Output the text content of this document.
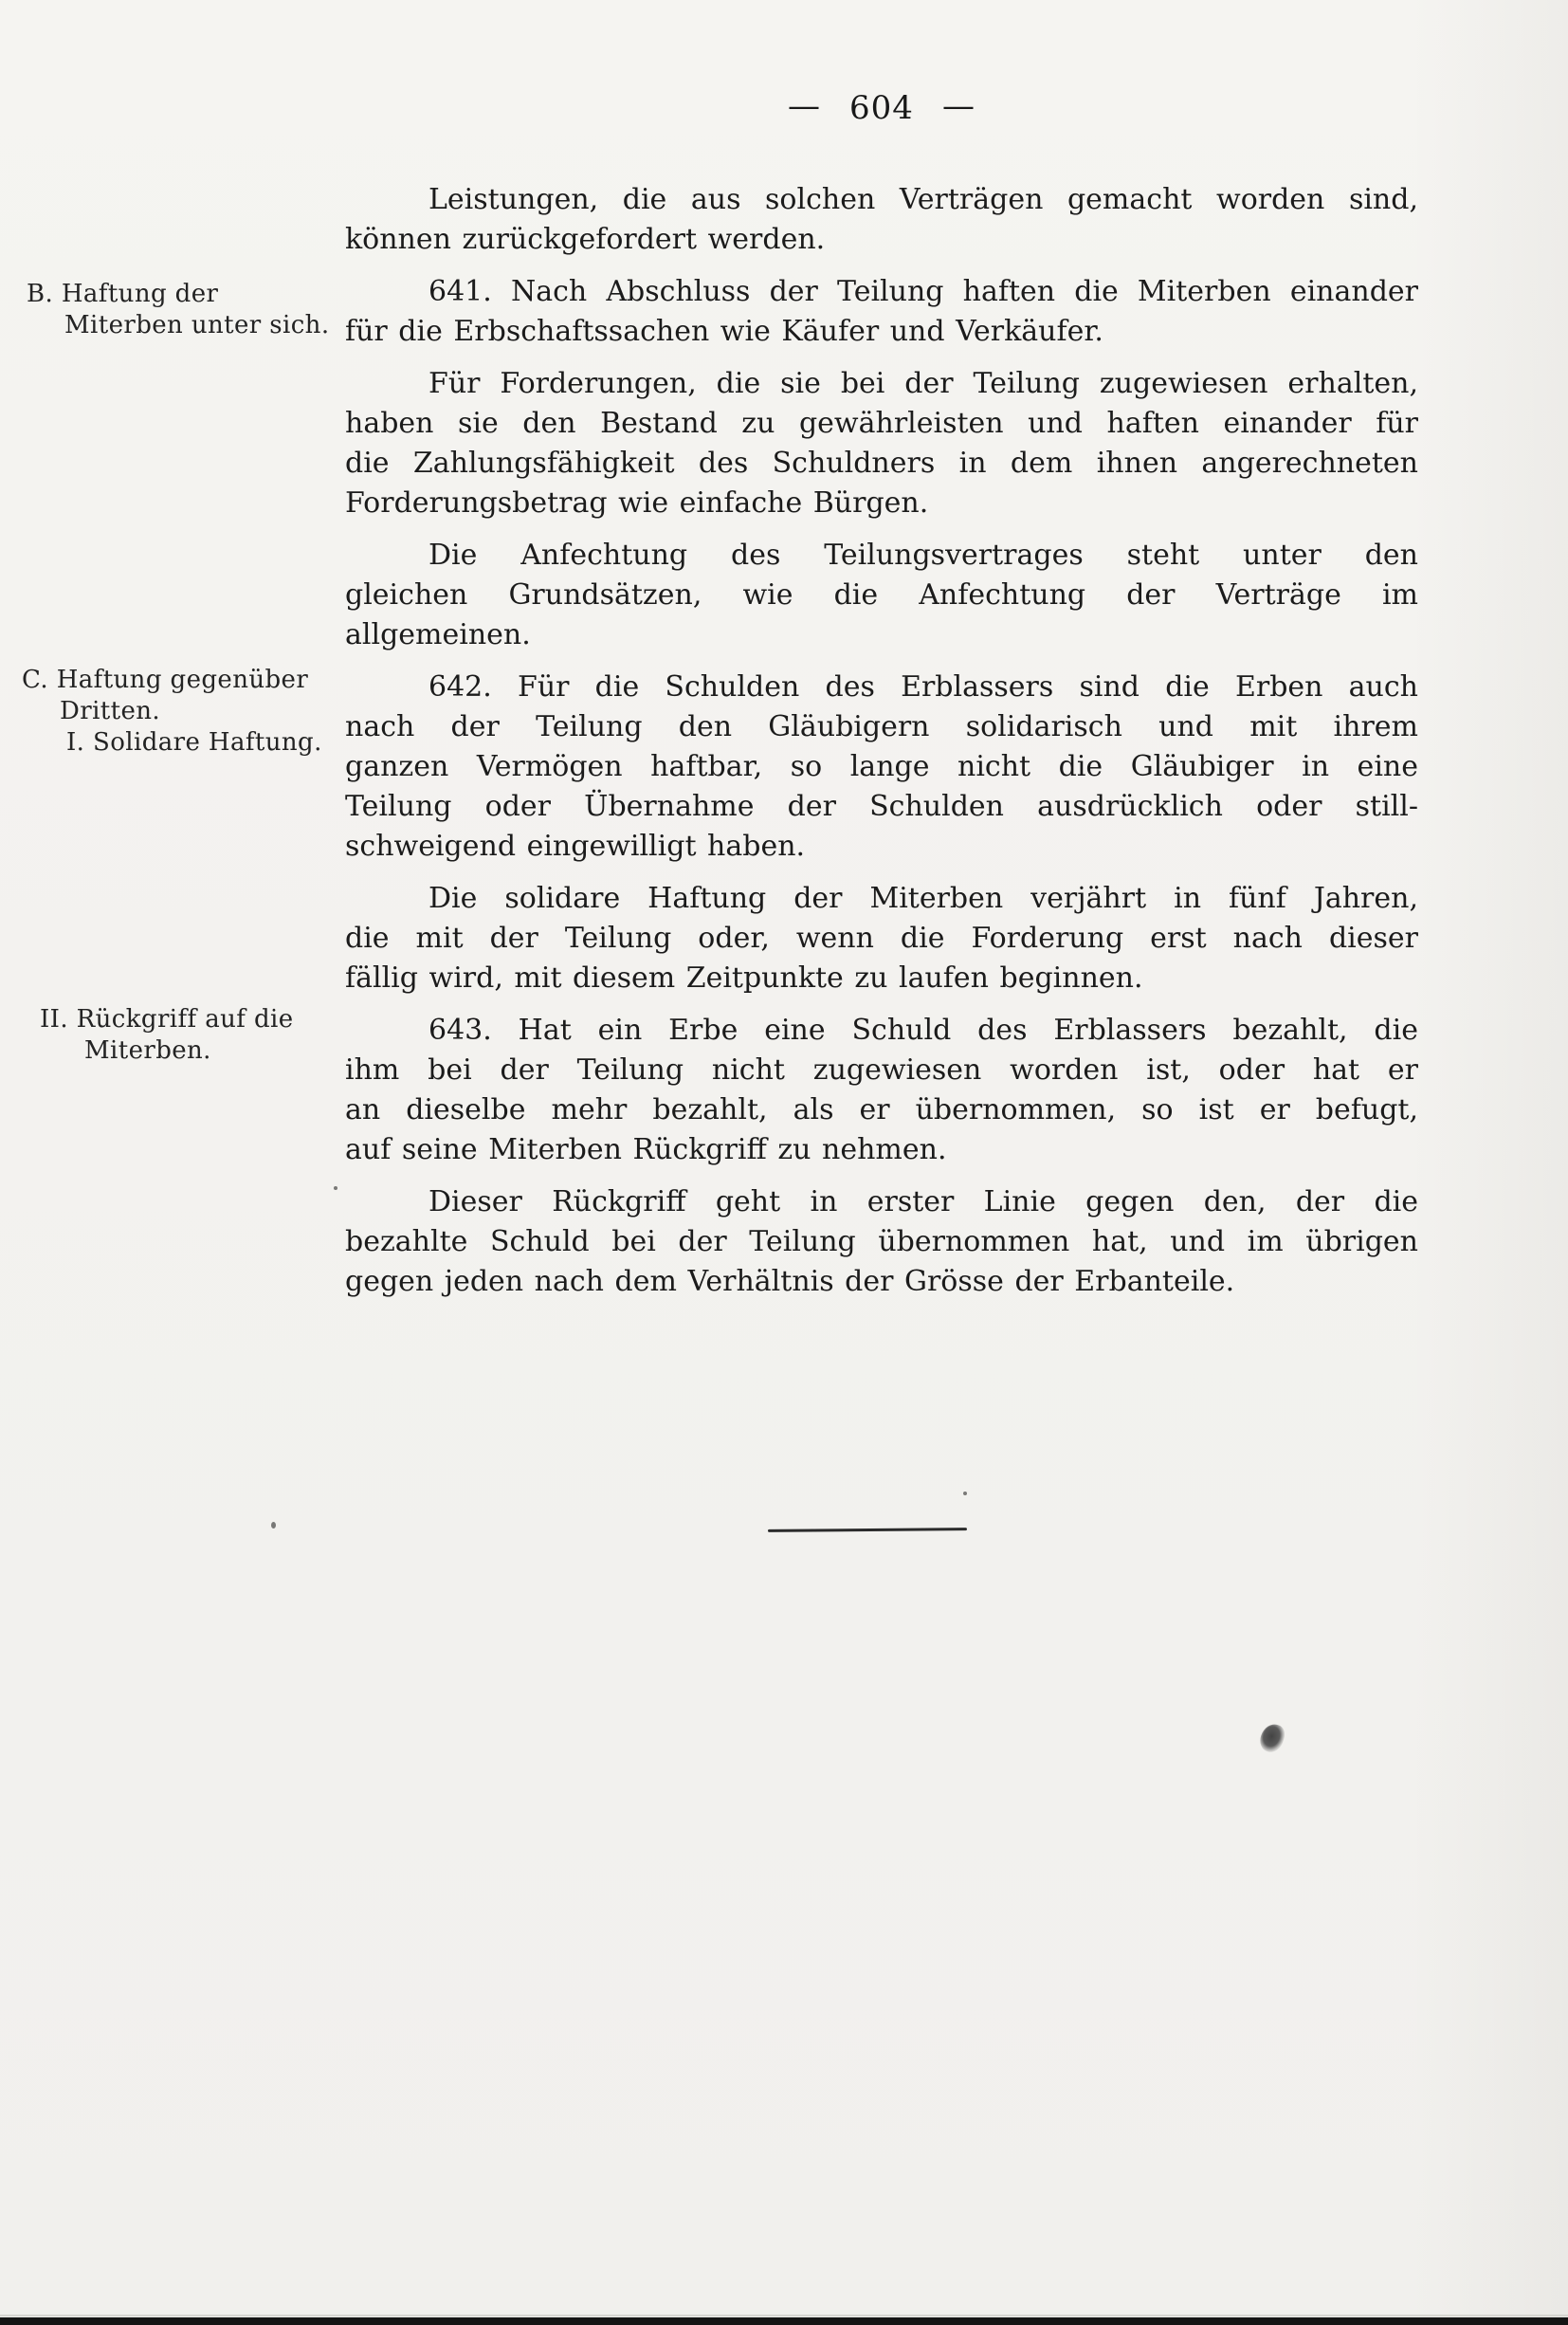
— 604 —
B. Haftung der
Miterben unter sich.
C. Haftung gegenüber
Dritten.
I. Solidare Haftung.
II. Rückgriff auf die
Miterben.
Leistungen, die aus solchen Verträgen gemacht worden sind,
können zurückgefordert werden.
641. Nach Abschluss der Teilung haften die Miterben einander
für die Erbschaftssachen wie Käufer und Verkäufer.
Für Forderungen, die sie bei der Teilung zugewiesen erhalten,
haben sie den Bestand zu gewährleisten und haften einander für
die Zahlungsfähigkeit des Schuldners in dem ihnen angerechneten
Forderungsbetrag wie einfache Bürgen.
Die Anfechtung des Teilungsvertrages steht unter den
gleichen Grundsätzen, wie die Anfechtung der Verträge im
allgemeinen.
642. Für die Schulden des Erblassers sind die Erben auch
nach der Teilung den Gläubigern solidarisch und mit ihrem
ganzen Vermögen haftbar, so lange nicht die Gläubiger in eine
Teilung oder Übernahme der Schulden ausdrücklich oder still-
schweigend eingewilligt haben.
Die solidare Haftung der Miterben verjährt in fünf Jahren,
die mit der Teilung oder, wenn die Forderung erst nach dieser
fällig wird, mit diesem Zeitpunkte zu laufen beginnen.
643. Hat ein Erbe eine Schuld des Erblassers bezahlt, die
ihm bei der Teilung nicht zugewiesen worden ist, oder hat er
an dieselbe mehr bezahlt, als er übernommen, so ist er befugt,
auf seine Miterben Rückgriff zu nehmen.
Dieser Rückgriff geht in erster Linie gegen den, der die
bezahlte Schuld bei der Teilung übernommen hat, und im übrigen
gegen jeden nach dem Verhältnis der Grösse der Erbanteile.
